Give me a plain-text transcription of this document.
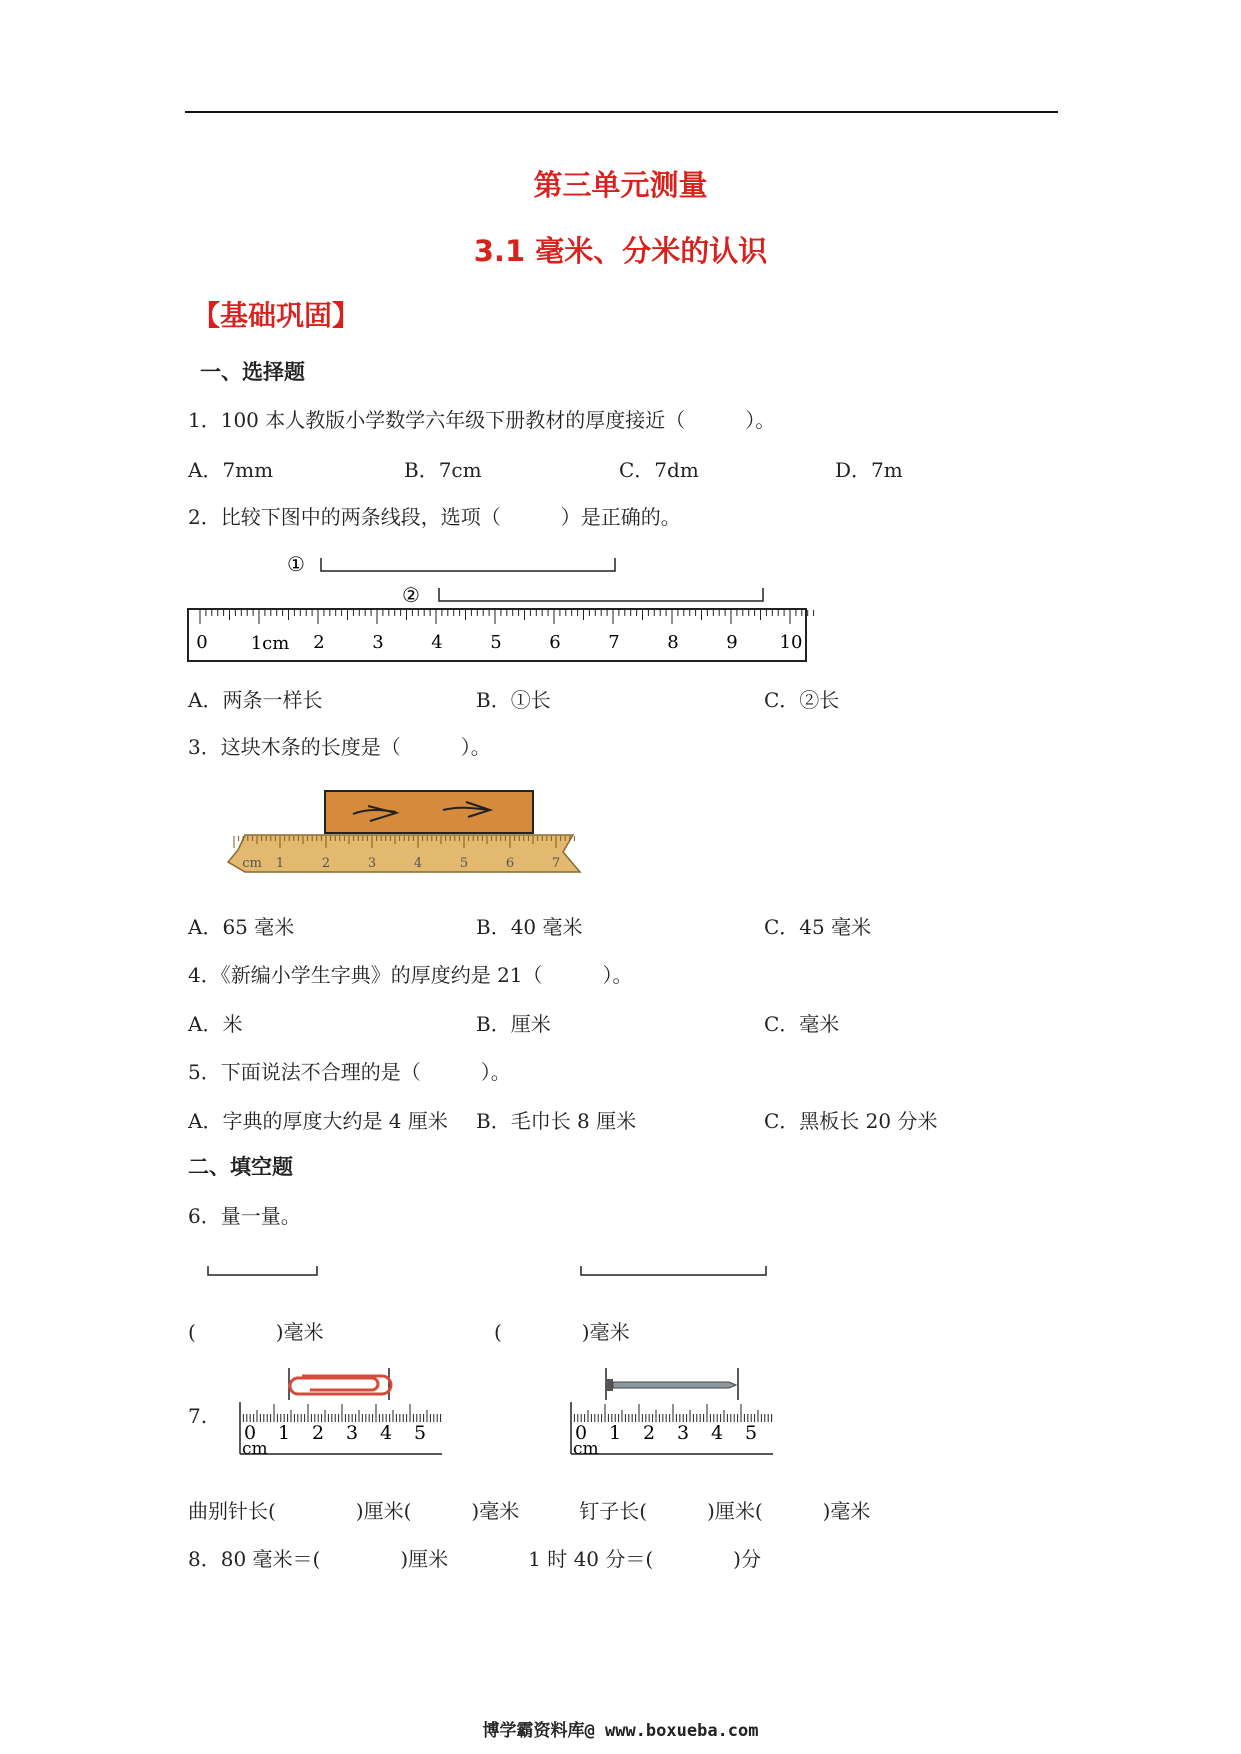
第三单元测量
3.1 毫米、分米的认识
【基础巩固】
一、选择题
1．100 本人教版小学数学六年级下册教材的厚度接近（　　　）。
A．7mm	B．7cm	C．7dm	D．7m
2．比较下图中的两条线段，选项（　　　）是正确的。
①
②
0 1cm 2	3	4	5	6	7	8	9 10
A．两条一样长	B．①长	C．②长
3．这块木条的长度是（　　　）。
cm 1	2	3	4	5	6	7
A．65 毫米	B．40 毫米	C．45 毫米
4．《新编小学生字典》的厚度约是 21（　　　）。
A．米	B．厘米	C．毫米
5．下面说法不合理的是（　　　）。
A．字典的厚度大约是 4 厘米 B．毛巾长 8 厘米	C．黑板长 20 分米
二、填空题
6．量一量。
(　　　　)毫米	(　　　　)毫米
7.
0 1 2 3 4 5
cm
0 1 2 3 4 5
cm
曲别针长(　　　　)厘米(　　　)毫米　　　钉子长(　　　)厘米(　　　)毫米
8．80 毫米＝(　　　　)厘米　　　　1 时 40 分＝(　　　　)分
博学霸资料库@ www.boxueba.com
